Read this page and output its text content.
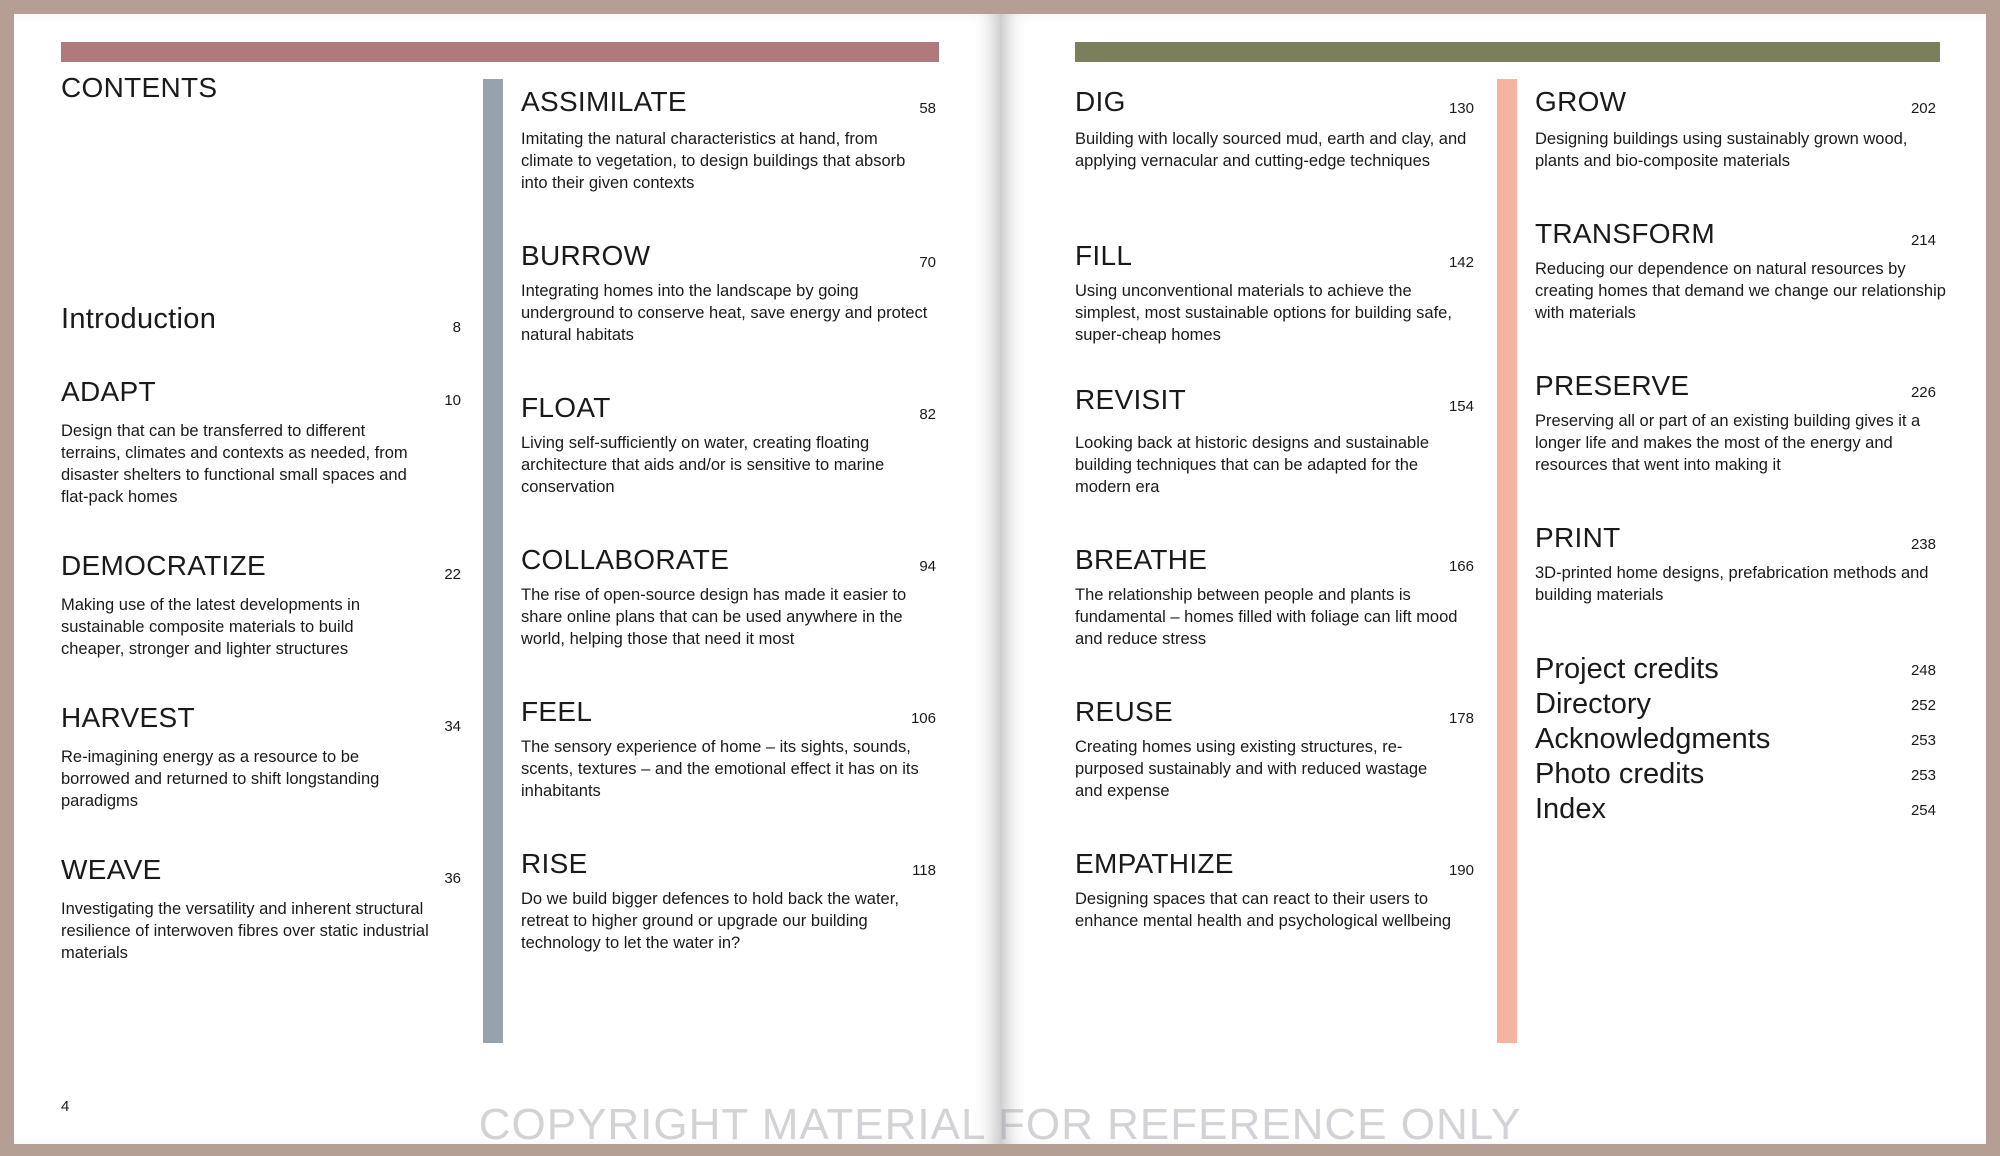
CONTENTS
Introduction	8
ADAPT	10

Design that can be transferred to different terrains, climates and contexts as needed, from disaster shelters to functional small spaces and flat-pack homes

DEMOCRATIZE	22

Making use of the latest developments in sustainable composite materials to build cheaper, stronger and lighter structures

HARVEST	34

Re-imagining energy as a resource to be borrowed and returned to shift longstanding paradigms

WEAVE	36

Investigating the versatility and inherent structural resilience of interwoven fibres over static industrial materials

ASSIMILATE	58

Imitating the natural characteristics at hand, from climate to vegetation, to design buildings that absorb into their given contexts

BURROW	70

Integrating homes into the landscape by going underground to conserve heat, save energy and protect natural habitats

FLOAT	82

Living self-sufficiently on water, creating floating architecture that aids and/or is sensitive to marine conservation

COLLABORATE	94

The rise of open-source design has made it easier to share online plans that can be used anywhere in the world, helping those that need it most

FEEL	106

The sensory experience of home – its sights, sounds, scents, textures – and the emotional effect it has on its inhabitants

RISE	118

Do we build bigger defences to hold back the water, retreat to higher ground or upgrade our building technology to let the water in?

4
DIG	130

Building with locally sourced mud, earth and clay, and applying vernacular and cutting-edge techniques

FILL	142

Using unconventional materials to achieve the simplest, most sustainable options for building safe, super-cheap homes

REVISIT	154

Looking back at historic designs and sustainable building techniques that can be adapted for the modern era

BREATHE	166

The relationship between people and plants is fundamental – homes filled with foliage can lift mood and reduce stress

REUSE	178

Creating homes using existing structures, re-purposed sustainably and with reduced wastage and expense

EMPATHIZE	190

Designing spaces that can react to their users to enhance mental health and psychological wellbeing

GROW	202

Designing buildings using sustainably grown wood, plants and bio-composite materials

TRANSFORM	214

Reducing our dependence on natural resources by creating homes that demand we change our relationship with materials

PRESERVE	226

Preserving all or part of an existing building gives it a longer life and makes the most of the energy and resources that went into making it

PRINT	238

3D-printed home designs, prefabrication methods and building materials

Project credits	248
Directory	252
Acknowledgments	253
Photo credits	253
Index	254
COPYRIGHT MATERIAL FOR REFERENCE ONLY
